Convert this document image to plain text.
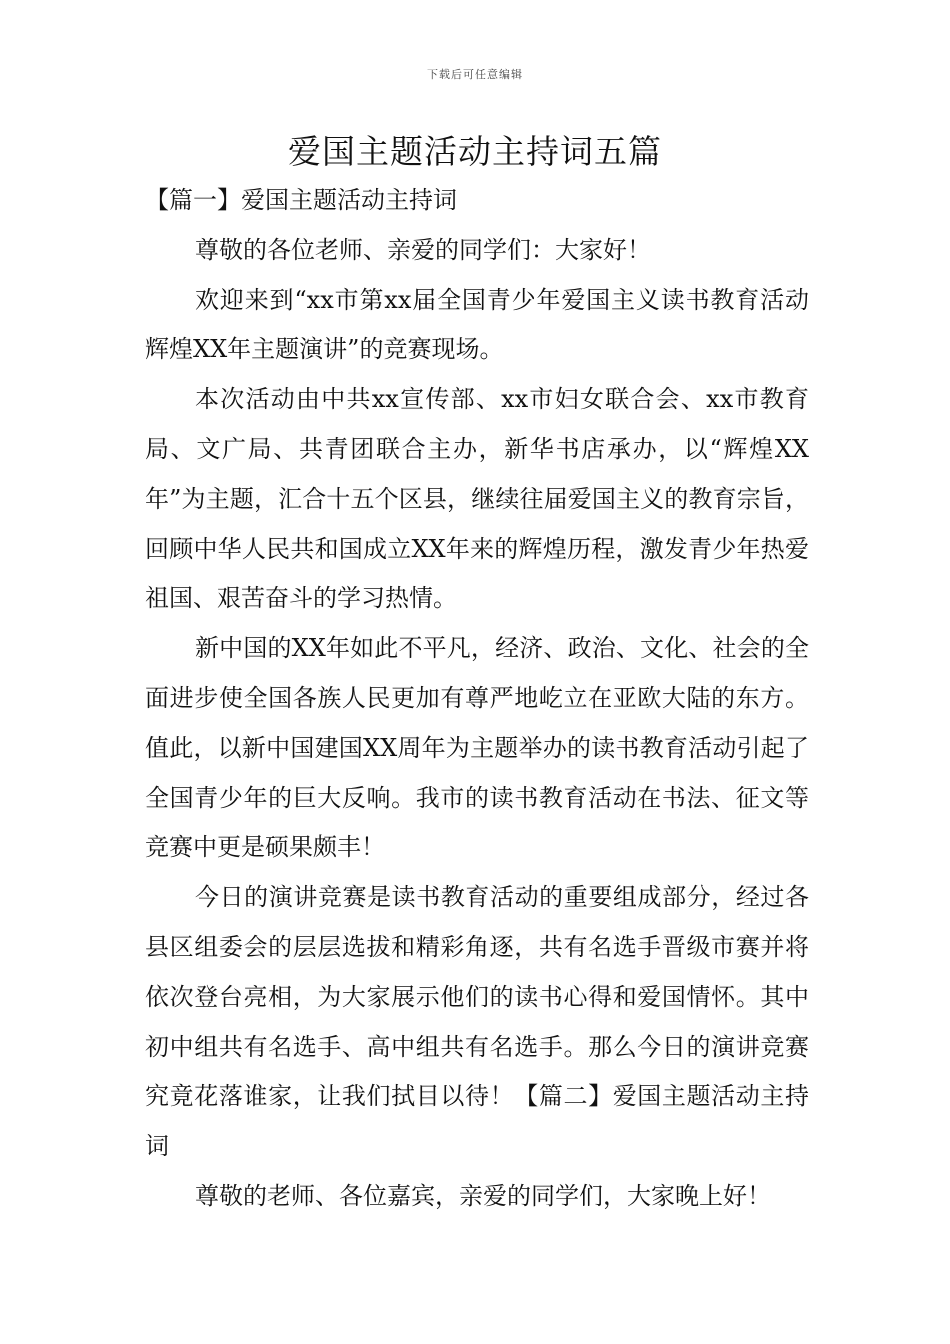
下载后可任意编辑
爱国主题活动主持词五篇

【篇一】爱国主题活动主持词

尊敬的各位老师、亲爱的同学们：大家好！

欢迎来到“xx市第xx届全国青少年爱国主义读书教育活动辉煌XX年主题演讲”的竞赛现场。

本次活动由中共xx宣传部、xx市妇女联合会、xx市教育局、文广局、共青团联合主办，新华书店承办，以“辉煌XX年”为主题，汇合十五个区县，继续往届爱国主义的教育宗旨，回顾中华人民共和国成立XX年来的辉煌历程，激发青少年热爱祖国、艰苦奋斗的学习热情。

新中国的XX年如此不平凡，经济、政治、文化、社会的全面进步使全国各族人民更加有尊严地屹立在亚欧大陆的东方。值此，以新中国建国XX周年为主题举办的读书教育活动引起了全国青少年的巨大反响。我市的读书教育活动在书法、征文等竞赛中更是硕果颇丰！

今日的演讲竞赛是读书教育活动的重要组成部分，经过各县区组委会的层层选拔和精彩角逐，共有名选手晋级市赛并将依次登台亮相，为大家展示他们的读书心得和爱国情怀。其中初中组共有名选手、高中组共有名选手。那么今日的演讲竞赛究竟花落谁家，让我们拭目以待！【篇二】爱国主题活动主持词

尊敬的老师、各位嘉宾，亲爱的同学们，大家晚上好！
